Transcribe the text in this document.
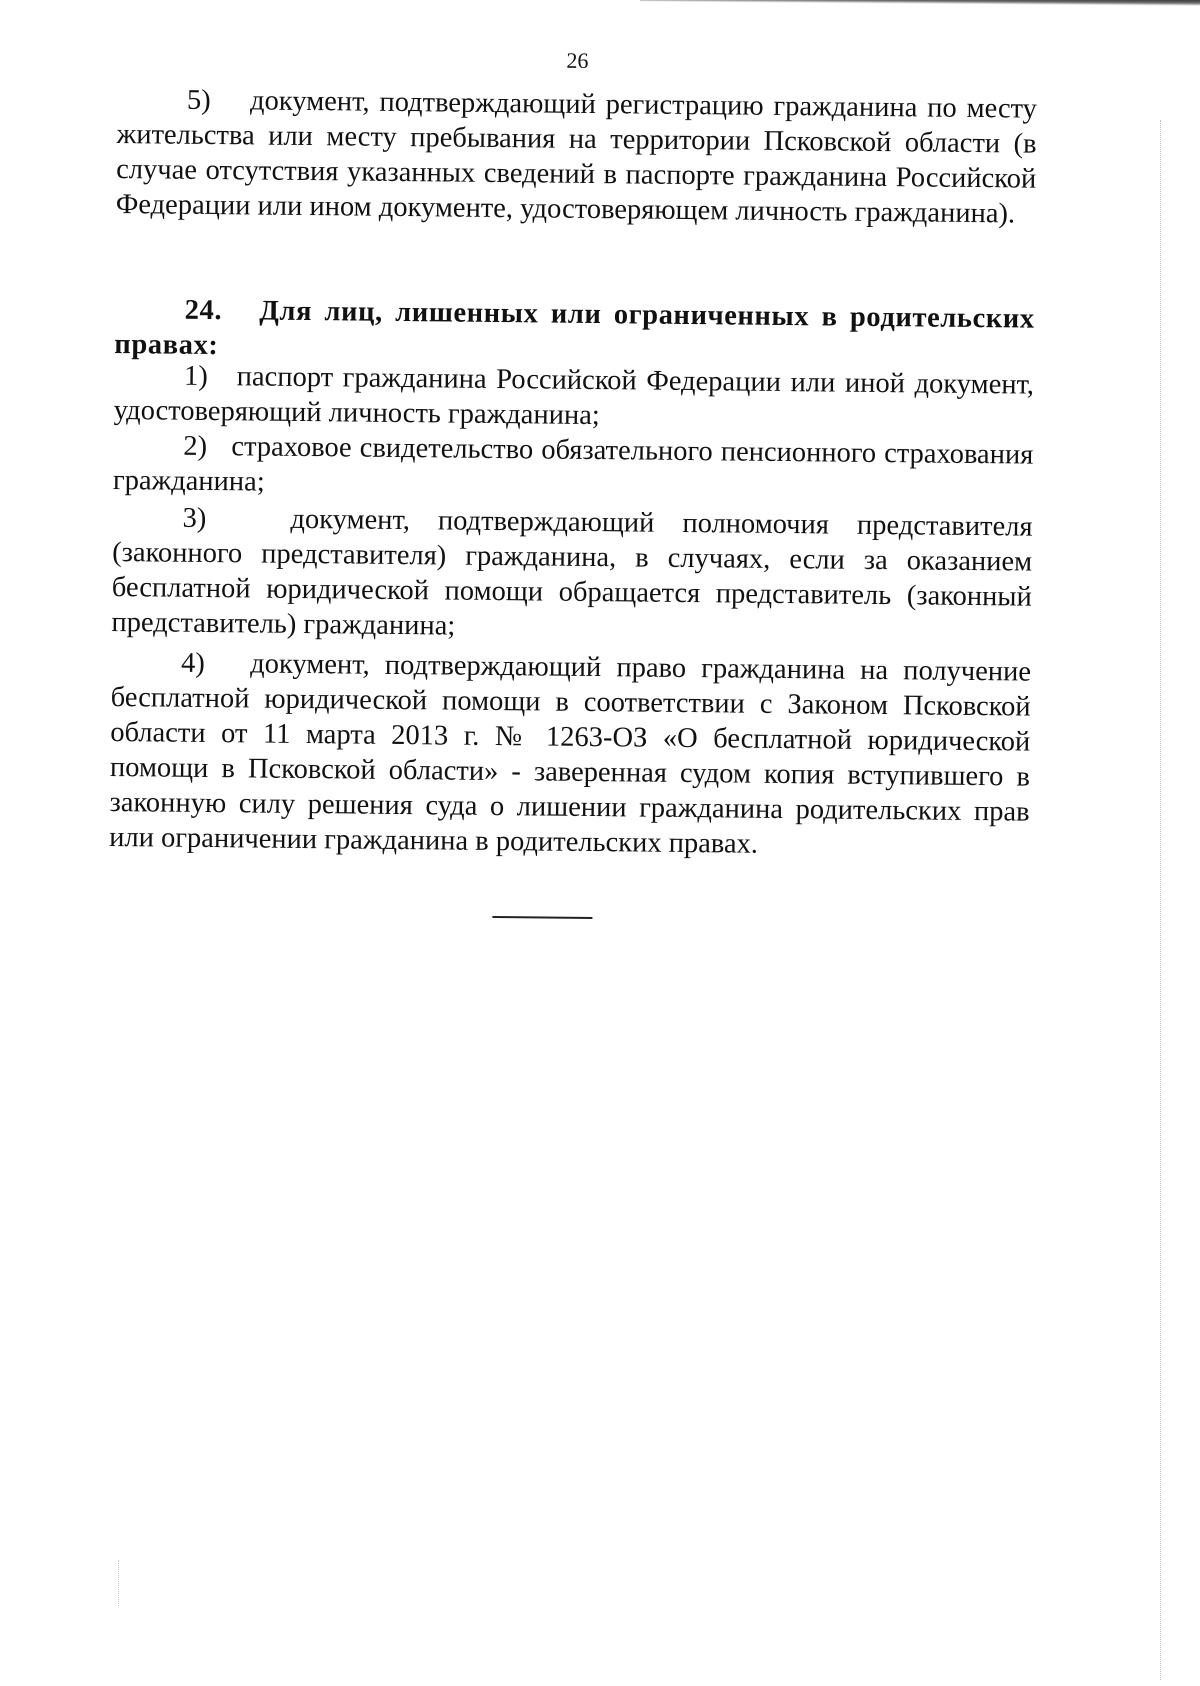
26

5)    документ, подтверждающий регистрацию гражданина по месту жительства или месту пребывания на территории Псковской области (в случае отсутствия указанных сведений в паспорте гражданина Российской Федерации или ином документе, удостоверяющем личность гражданина).

24.   Для лиц, лишенных или ограниченных в родительских правах:

1)   паспорт гражданина Российской Федерации или иной документ, удостоверяющий личность гражданина;

2)   страховое свидетельство обязательного пенсионного страхования гражданина;

3)   документ, подтверждающий полномочия представителя (законного представителя) гражданина, в случаях, если за оказанием бесплатной юридической помощи обращается представитель (законный представитель) гражданина;

4)   документ, подтверждающий право гражданина на получение бесплатной юридической помощи в соответствии с Законом Псковской области от 11 марта 2013 г. № 1263-ОЗ «О бесплатной юридической помощи в Псковской области» - заверенная судом копия вступившего в законную силу решения суда о лишении гражданина родительских прав или ограничении гражданина в родительских правах.
